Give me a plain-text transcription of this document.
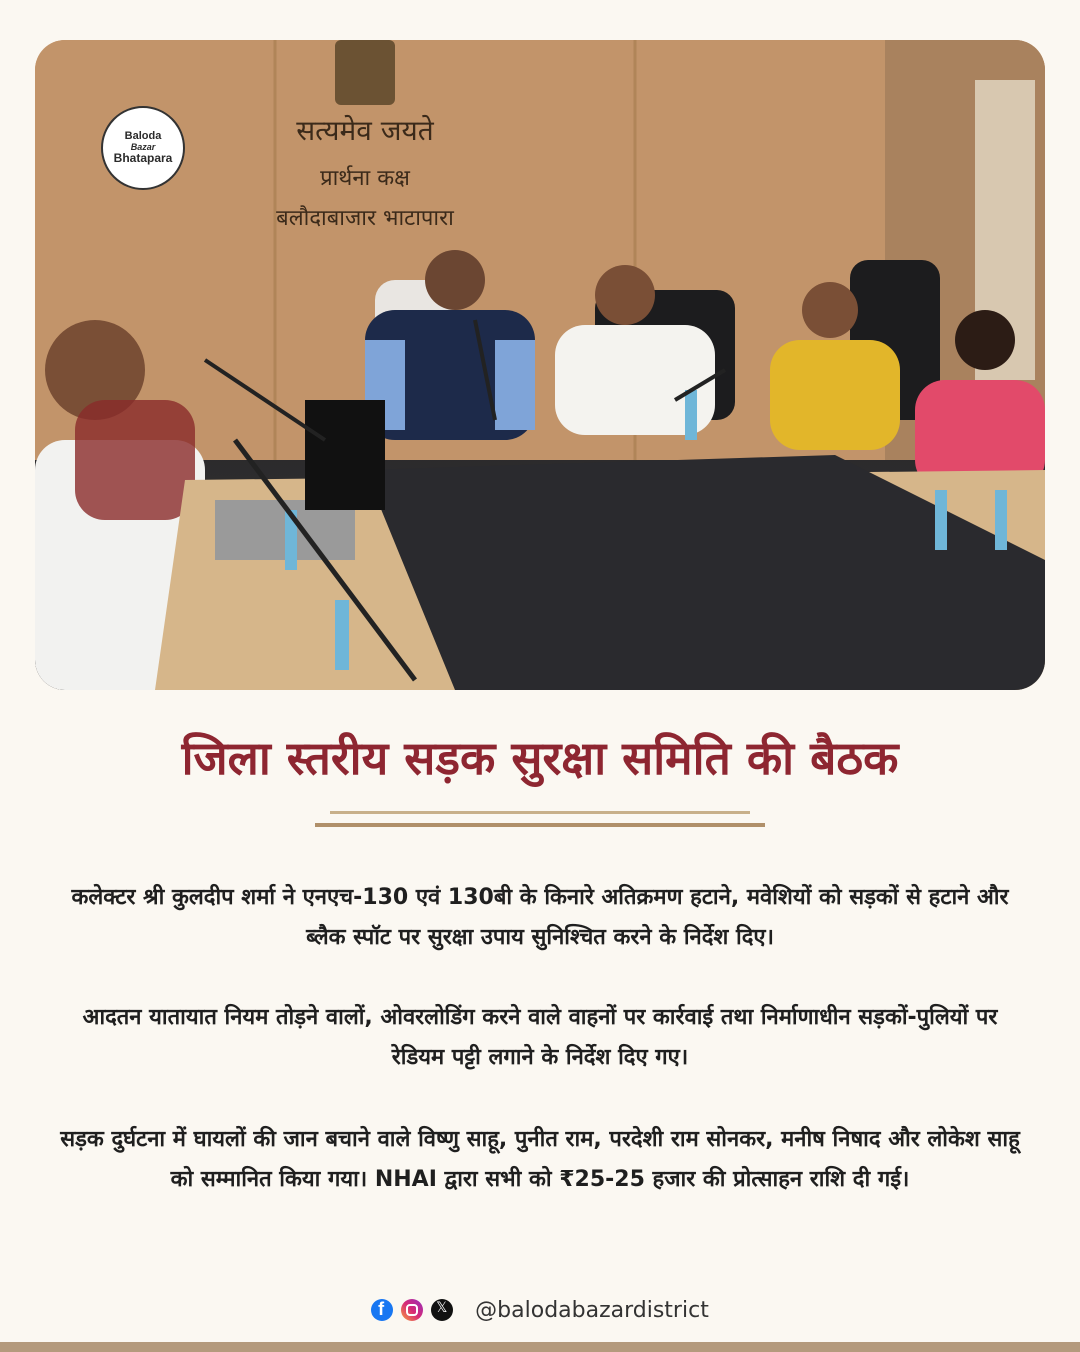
सत्यमेव जयते
प्रार्थना कक्ष
बलौदाबाजार भाटापारा
Baloda
Bazar
Bhatapara
जिला स्तरीय सड़क सुरक्षा समिति की बैठक

कलेक्टर श्री कुलदीप शर्मा ने एनएच-130 एवं 130बी के किनारे अतिक्रमण हटाने, मवेशियों को सड़कों से हटाने और ब्लैक स्पॉट पर सुरक्षा उपाय सुनिश्चित करने के निर्देश दिए।

आदतन यातायात नियम तोड़ने वालों, ओवरलोडिंग करने वाले वाहनों पर कार्रवाई तथा निर्माणाधीन सड़कों-पुलियों पर रेडियम पट्टी लगाने के निर्देश दिए गए।

सड़क दुर्घटना में घायलों की जान बचाने वाले विष्णु साहू, पुनीत राम, परदेशी राम सोनकर, मनीष निषाद और लोकेश साहू को सम्मानित किया गया। NHAI द्वारा सभी को ₹25-25 हजार की प्रोत्साहन राशि दी गई।

f
𝕏
@balodabazardistrict
